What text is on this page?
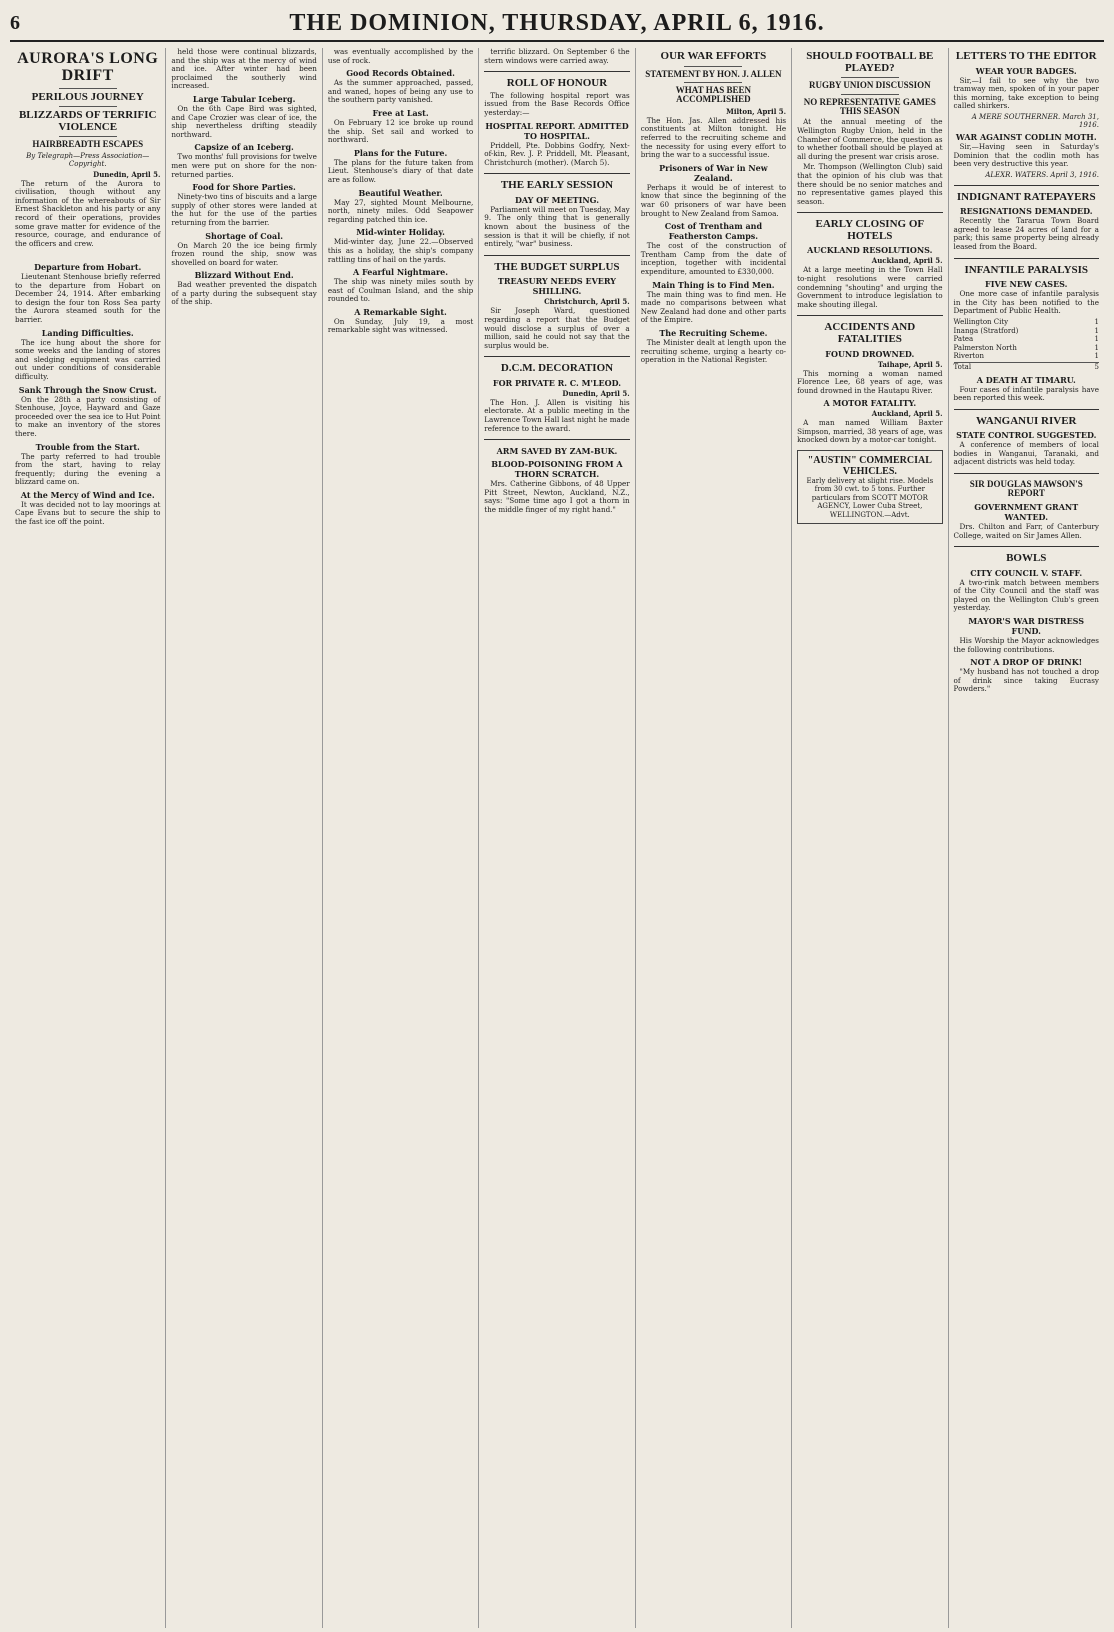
6	THE DOMINION, THURSDAY, APRIL 6, 1916.
AURORA'S LONG DRIFT
PERILOUS JOURNEY
BLIZZARDS OF TERRIFIC VIOLENCE
HAIRBREADTH ESCAPES
By Telegraph—Press Association—Copyright.
Dunedin, April 5.

The return of the Aurora to civilisation, though without any information of the whereabouts of Sir Ernest Shackleton and his party or any record of their operations, provides some grave matter for evidence of the resource, courage, and endurance of the officers and crew.

Departure from Hobart.

Lieutenant Stenhouse briefly referred to the departure from Hobart on December 24, 1914. After embarking to design the four ton Ross Sea party the Aurora steamed south for the barrier.

Landing Difficulties.

The ice hung about the shore for some weeks and the landing of stores and sledging equipment was carried out under conditions of considerable difficulty.

Sank Through the Snow Crust.

On the 28th a party consisting of Stenhouse, Joyce, Hayward and Gaze proceeded over the sea ice to Hut Point to make an inventory of the stores there.

Trouble from the Start.

The party referred to had trouble from the start, having to relay frequently; during the evening a blizzard came on.

At the Mercy of Wind and Ice.

It was decided not to lay moorings at Cape Evans but to secure the ship to the fast ice off the point.

held those were continual blizzards, and the ship was at the mercy of wind and ice. After winter had been proclaimed the southerly wind increased.

Large Tabular Iceberg.

On the 6th Cape Bird was sighted, and Cape Crozier was clear of ice, the ship nevertheless drifting steadily northward.

Capsize of an Iceberg.

Two months' full provisions for twelve men were put on shore for the non-returned parties.

Food for Shore Parties.

Ninety-two tins of biscuits and a large supply of other stores were landed at the hut for the use of the parties returning from the barrier.

Shortage of Coal.

On March 20 the ice being firmly frozen round the ship, snow was shovelled on board for water.

Blizzard Without End.

Bad weather prevented the dispatch of a party during the subsequent stay of the ship.

was eventually accomplished by the use of rock.

Good Records Obtained.

As the summer approached, passed, and waned, hopes of being any use to the southern party vanished.

Free at Last.

On February 12 ice broke up round the ship. Set sail and worked to northward.

Plans for the Future.

The plans for the future taken from Lieut. Stenhouse's diary of that date are as follow.

Beautiful Weather.

May 27, sighted Mount Melbourne, north, ninety miles. Odd Seapower regarding patched thin ice.

Mid-winter Holiday.

Mid-winter day, June 22.—Observed this as a holiday, the ship's company rattling tins of hail on the yards.

A Fearful Nightmare.

The ship was ninety miles south by east of Coulman Island, and the ship rounded to.

A Remarkable Sight.

On Sunday, July 19, a most remarkable sight was witnessed.

terrific blizzard. On September 6 the stern windows were carried away.

ROLL OF HONOUR

The following hospital report was issued from the Base Records Office yesterday:—

HOSPITAL REPORT. ADMITTED TO HOSPITAL.

Priddell, Pte. Dobbins Godfry, Next-of-kin, Rev. J. P. Priddell, Mt. Pleasant, Christchurch (mother). (March 5).

THE EARLY SESSION
DAY OF MEETING.

Parliament will meet on Tuesday, May 9. The only thing that is generally known about the business of the session is that it will be chiefly, if not entirely, "war" business.

THE BUDGET SURPLUS
TREASURY NEEDS EVERY SHILLING.
Christchurch, April 5.

Sir Joseph Ward, questioned regarding a report that the Budget would disclose a surplus of over a million, said he could not say that the surplus would be.

D.C.M. DECORATION
FOR PRIVATE R. C. M'LEOD.
Dunedin, April 5.

The Hon. J. Allen is visiting his electorate. At a public meeting in the Lawrence Town Hall last night he made reference to the award.

ARM SAVED BY ZAM-BUK.
BLOOD-POISONING FROM A THORN SCRATCH.

Mrs. Catherine Gibbons, of 48 Upper Pitt Street, Newton, Auckland, N.Z., says: "Some time ago I got a thorn in the middle finger of my right hand."

OUR WAR EFFORTS
STATEMENT BY HON. J. ALLEN
WHAT HAS BEEN ACCOMPLISHED
Milton, April 5.

The Hon. Jas. Allen addressed his constituents at Milton tonight. He referred to the recruiting scheme and the necessity for using every effort to bring the war to a successful issue.

Prisoners of War in New Zealand.

Perhaps it would be of interest to know that since the beginning of the war 60 prisoners of war have been brought to New Zealand from Samoa.

Cost of Trentham and Featherston Camps.

The cost of the construction of Trentham Camp from the date of inception, together with incidental expenditure, amounted to £330,000.

Main Thing is to Find Men.

The main thing was to find men. He made no comparisons between what New Zealand had done and other parts of the Empire.

The Recruiting Scheme.

The Minister dealt at length upon the recruiting scheme, urging a hearty co-operation in the National Register.

SHOULD FOOTBALL BE PLAYED?
RUGBY UNION DISCUSSION
NO REPRESENTATIVE GAMES THIS SEASON

At the annual meeting of the Wellington Rugby Union, held in the Chamber of Commerce, the question as to whether football should be played at all during the present war crisis arose.

Mr. Thompson (Wellington Club) said that the opinion of his club was that there should be no senior matches and no representative games played this season.

EARLY CLOSING OF HOTELS
AUCKLAND RESOLUTIONS.
Auckland, April 5.

At a large meeting in the Town Hall to-night resolutions were carried condemning "shouting" and urging the Government to introduce legislation to make shouting illegal.

ACCIDENTS AND FATALITIES
FOUND DROWNED.
Taihape, April 5.

This morning a woman named Florence Lee, 68 years of age, was found drowned in the Hautapu River.

A MOTOR FATALITY.
Auckland, April 5.

A man named William Baxter Simpson, married, 38 years of age, was knocked down by a motor-car tonight.

"AUSTIN" COMMERCIAL VEHICLES.
Early delivery at slight rise. Models from 30 cwt. to 5 tons. Further particulars from SCOTT MOTOR AGENCY, Lower Cuba Street, WELLINGTON.—Advt.
LETTERS TO THE EDITOR
WEAR YOUR BADGES.

Sir,—I fail to see why the two tramway men, spoken of in your paper this morning, take exception to being called shirkers.

A MERE SOUTHERNER. March 31, 1916.
WAR AGAINST CODLIN MOTH.

Sir,—Having seen in Saturday's Dominion that the codlin moth has been very destructive this year.

ALEXR. WATERS. April 3, 1916.
INDIGNANT RATEPAYERS
RESIGNATIONS DEMANDED.

Recently the Tararua Town Board agreed to lease 24 acres of land for a park; this same property being already leased from the Board.

INFANTILE PARALYSIS
FIVE NEW CASES.

One more case of infantile paralysis in the City has been notified to the Department of Public Health.

Wellington City	1
Inanga (Stratford)	1
Patea	1
Palmerston North	1
Riverton	1
Total	5
A DEATH AT TIMARU.

Four cases of infantile paralysis have been reported this week.

WANGANUI RIVER
STATE CONTROL SUGGESTED.

A conference of members of local bodies in Wanganui, Taranaki, and adjacent districts was held today.

SIR DOUGLAS MAWSON'S REPORT
GOVERNMENT GRANT WANTED.

Drs. Chilton and Farr, of Canterbury College, waited on Sir James Allen.

BOWLS
CITY COUNCIL V. STAFF.

A two-rink match between members of the City Council and the staff was played on the Wellington Club's green yesterday.

MAYOR'S WAR DISTRESS FUND.

His Worship the Mayor acknowledges the following contributions.

NOT A DROP OF DRINK!

"My husband has not touched a drop of drink since taking Eucrasy Powders."
